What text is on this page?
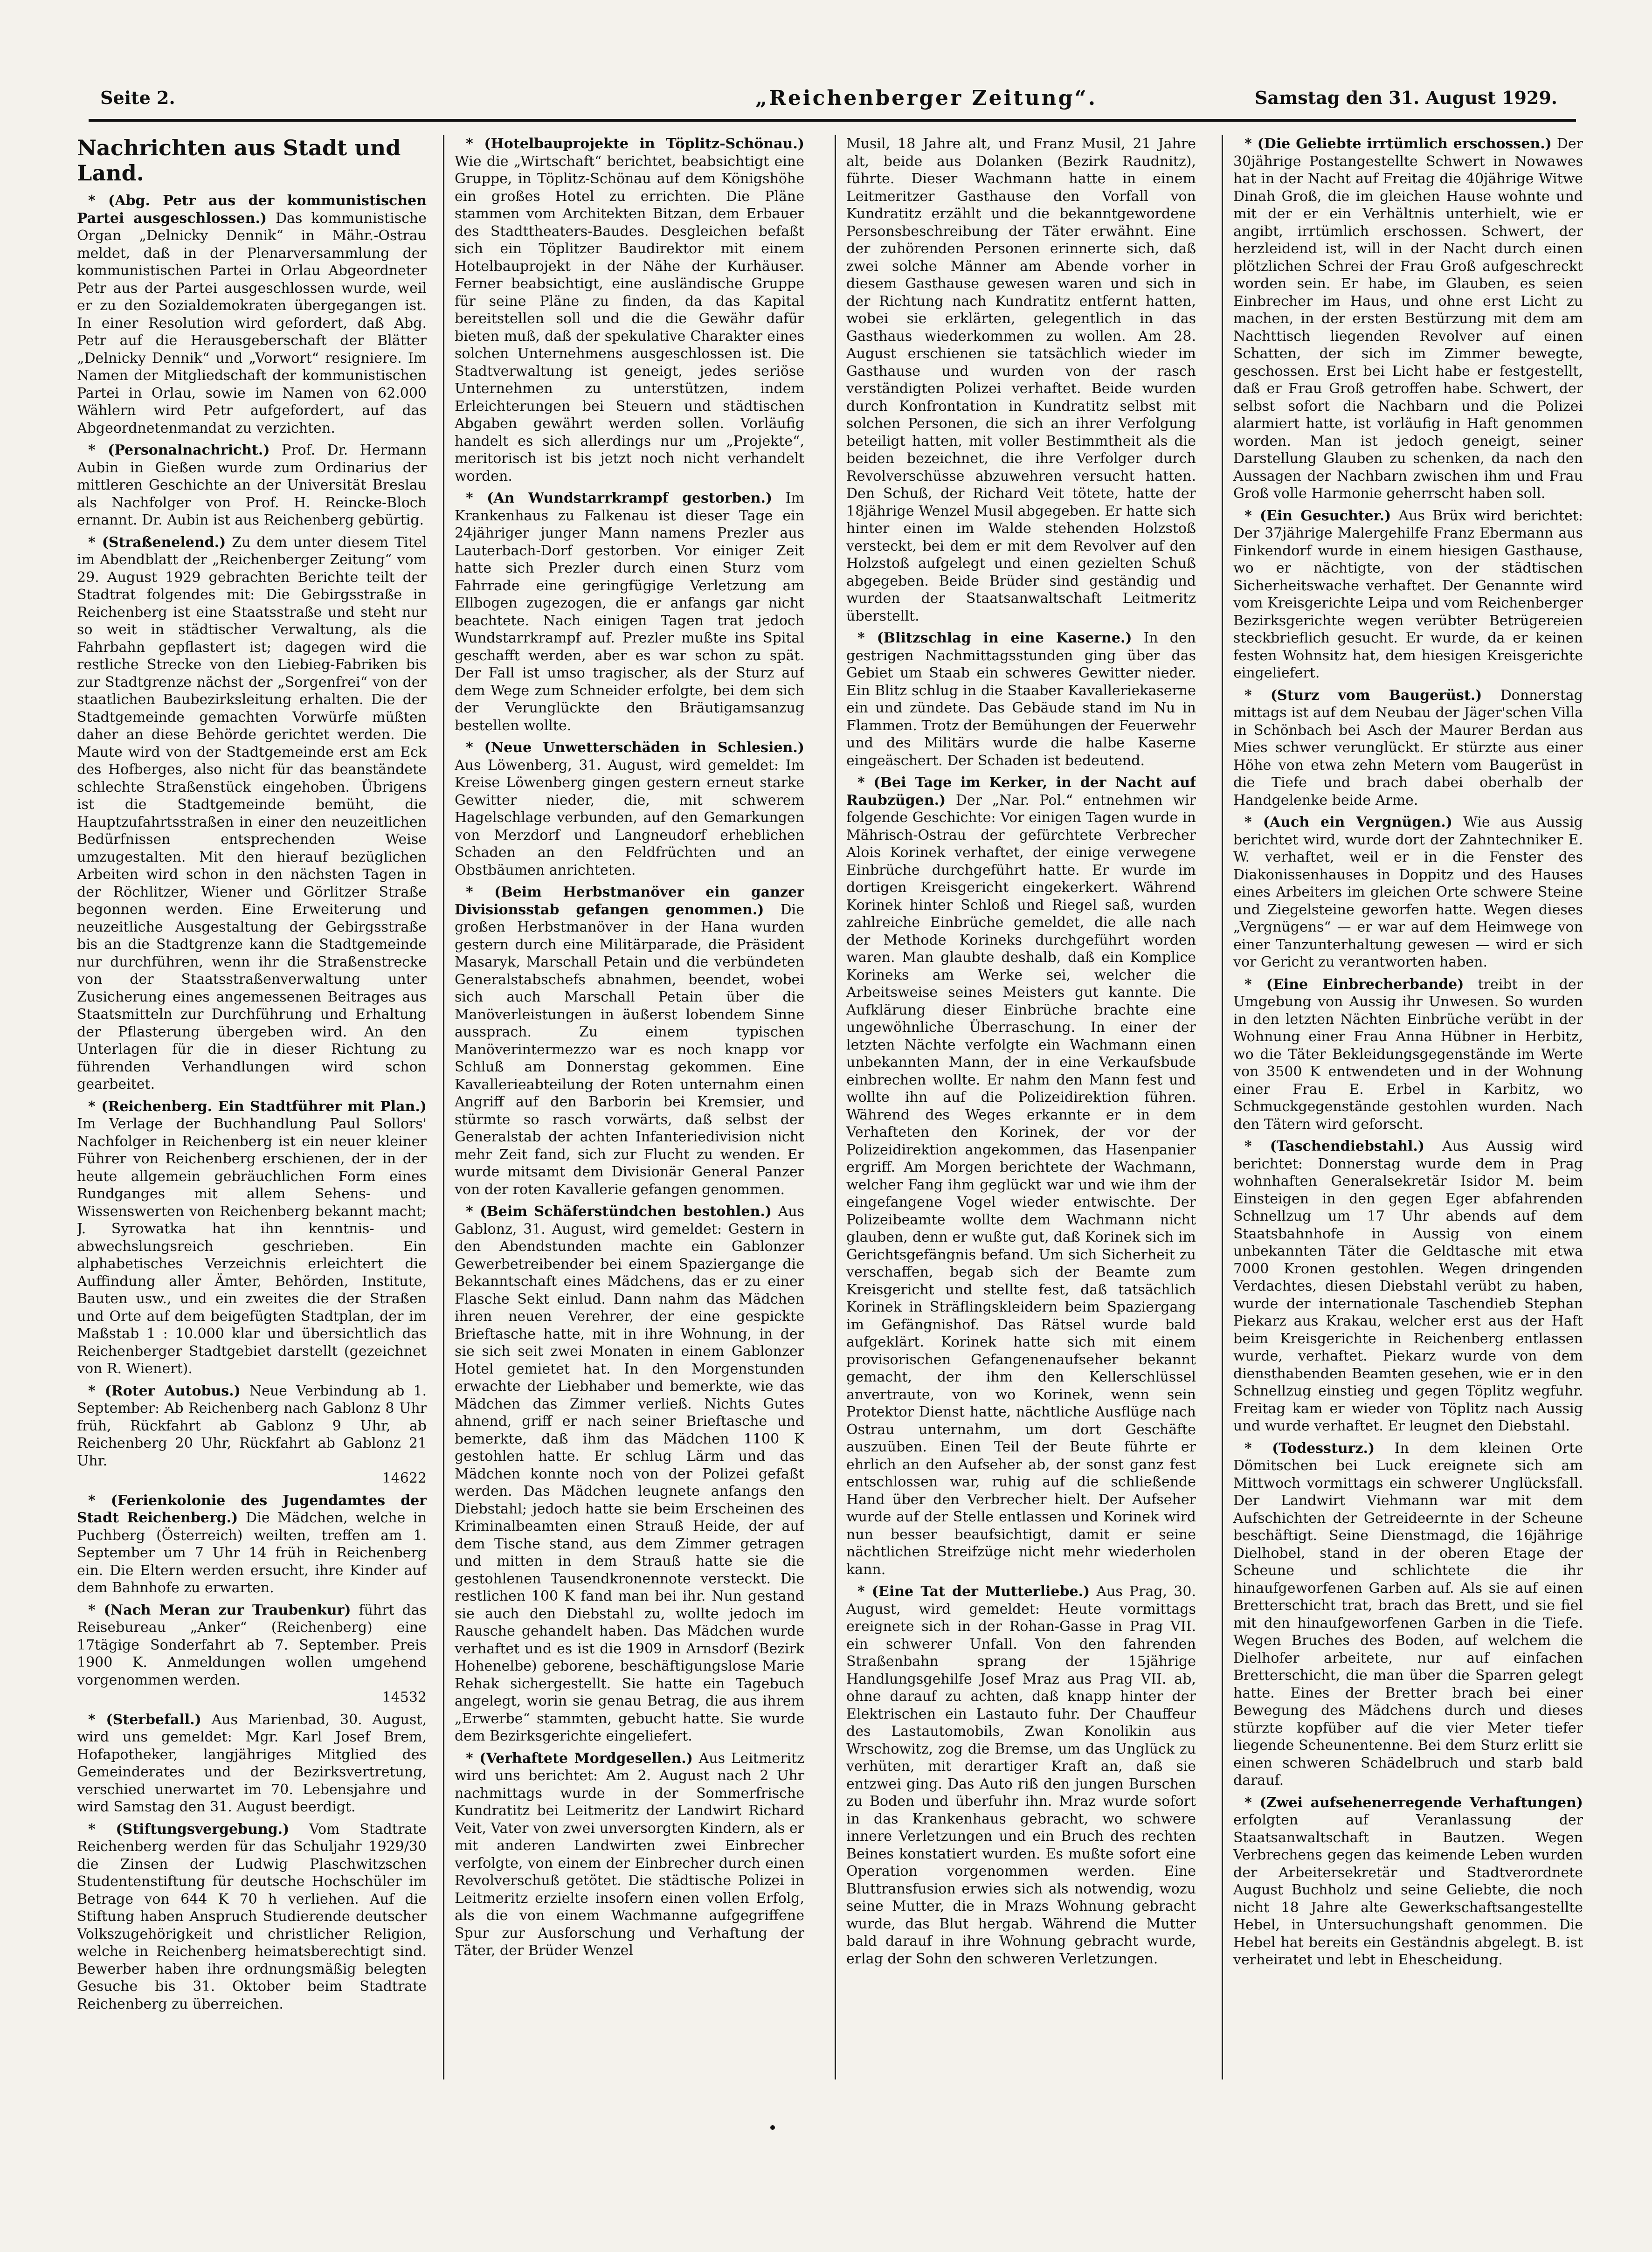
Seite 2.	„Reichenberger Zeitung“.	Samstag den 31. August 1929.
Nachrichten aus Stadt und Land.

* (Abg. Petr aus der kommunistischen Partei ausgeschlossen.) Das kommunistische Organ „Delnicky Dennik“ in Mähr.-Ostrau meldet, daß in der Plenarversammlung der kommunistischen Partei in Orlau Abgeordneter Petr aus der Partei ausgeschlossen wurde, weil er zu den Sozialdemokraten übergegangen ist. In einer Resolution wird gefordert, daß Abg. Petr auf die Herausgeberschaft der Blätter „Delnicky Dennik“ und „Vorwort“ resigniere. Im Namen der Mitgliedschaft der kommunistischen Partei in Orlau, sowie im Namen von 62.000 Wählern wird Petr aufgefordert, auf das Abgeordnetenmandat zu verzichten.

* (Personalnachricht.) Prof. Dr. Hermann Aubin in Gießen wurde zum Ordinarius der mittleren Geschichte an der Universität Breslau als Nachfolger von Prof. H. Reincke-Bloch ernannt. Dr. Aubin ist aus Reichenberg gebürtig.

* (Straßenelend.) Zu dem unter diesem Titel im Abendblatt der „Reichenberger Zeitung“ vom 29. August 1929 gebrachten Berichte teilt der Stadtrat folgendes mit: Die Gebirgsstraße in Reichenberg ist eine Staatsstraße und steht nur so weit in städtischer Verwaltung, als die Fahrbahn gepflastert ist; dagegen wird die restliche Strecke von den Liebieg-Fabriken bis zur Stadtgrenze nächst der „Sorgenfrei“ von der staatlichen Baubezirksleitung erhalten. Die der Stadtgemeinde gemachten Vorwürfe müßten daher an diese Behörde gerichtet werden. Die Maute wird von der Stadtgemeinde erst am Eck des Hofberges, also nicht für das beanständete schlechte Straßenstück eingehoben. Übrigens ist die Stadtgemeinde bemüht, die Hauptzufahrtsstraßen in einer den neuzeitlichen Bedürfnissen entsprechenden Weise umzugestalten. Mit den hierauf bezüglichen Arbeiten wird schon in den nächsten Tagen in der Röchlitzer, Wiener und Görlitzer Straße begonnen werden. Eine Erweiterung und neuzeitliche Ausgestaltung der Gebirgsstraße bis an die Stadtgrenze kann die Stadtgemeinde nur durchführen, wenn ihr die Straßenstrecke von der Staatsstraßenverwaltung unter Zusicherung eines angemessenen Beitrages aus Staatsmitteln zur Durchführung und Erhaltung der Pflasterung übergeben wird. An den Unterlagen für die in dieser Richtung zu führenden Verhandlungen wird schon gearbeitet.

* (Reichenberg. Ein Stadtführer mit Plan.) Im Verlage der Buchhandlung Paul Sollors' Nachfolger in Reichenberg ist ein neuer kleiner Führer von Reichenberg erschienen, der in der heute allgemein gebräuchlichen Form eines Rundganges mit allem Sehens- und Wissenswerten von Reichenberg bekannt macht; J. Syrowatka hat ihn kenntnis- und abwechslungsreich geschrieben. Ein alphabetisches Verzeichnis erleichtert die Auffindung aller Ämter, Behörden, Institute, Bauten usw., und ein zweites die der Straßen und Orte auf dem beigefügten Stadtplan, der im Maßstab 1 : 10.000 klar und übersichtlich das Reichenberger Stadtgebiet darstellt (gezeichnet von R. Wienert).

* (Roter Autobus.) Neue Verbindung ab 1. September: Ab Reichenberg nach Gablonz 8 Uhr früh, Rückfahrt ab Gablonz 9 Uhr, ab Reichenberg 20 Uhr, Rückfahrt ab Gablonz 21 Uhr.
14622

* (Ferienkolonie des Jugendamtes der Stadt Reichenberg.) Die Mädchen, welche in Puchberg (Österreich) weilten, treffen am 1. September um 7 Uhr 14 früh in Reichenberg ein. Die Eltern werden ersucht, ihre Kinder auf dem Bahnhofe zu erwarten.

* (Nach Meran zur Traubenkur) führt das Reisebureau „Anker“ (Reichenberg) eine 17tägige Sonderfahrt ab 7. September. Preis 1900 K. Anmeldungen wollen umgehend vorgenommen werden.
14532

* (Sterbefall.) Aus Marienbad, 30. August, wird uns gemeldet: Mgr. Karl Josef Brem, Hofapotheker, langjähriges Mitglied des Gemeinderates und der Bezirksvertretung, verschied unerwartet im 70. Lebensjahre und wird Samstag den 31. August beerdigt.

* (Stiftungsvergebung.) Vom Stadtrate Reichenberg werden für das Schuljahr 1929/30 die Zinsen der Ludwig Plaschwitzschen Studentenstiftung für deutsche Hochschüler im Betrage von 644 K 70 h verliehen. Auf die Stiftung haben Anspruch Studierende deutscher Volkszugehörigkeit und christlicher Religion, welche in Reichenberg heimatsberechtigt sind. Bewerber haben ihre ordnungsmäßig belegten Gesuche bis 31. Oktober beim Stadtrate Reichenberg zu überreichen.

* (Hotelbauprojekte in Töplitz-Schönau.) Wie die „Wirtschaft“ berichtet, beabsichtigt eine Gruppe, in Töplitz-Schönau auf dem Königshöhe ein großes Hotel zu errichten. Die Pläne stammen vom Architekten Bitzan, dem Erbauer des Stadttheaters-Baudes. Desgleichen befaßt sich ein Töplitzer Baudirektor mit einem Hotelbauprojekt in der Nähe der Kurhäuser. Ferner beabsichtigt, eine ausländische Gruppe für seine Pläne zu finden, da das Kapital bereitstellen soll und die die Gewähr dafür bieten muß, daß der spekulative Charakter eines solchen Unternehmens ausgeschlossen ist. Die Stadtverwaltung ist geneigt, jedes seriöse Unternehmen zu unterstützen, indem Erleichterungen bei Steuern und städtischen Abgaben gewährt werden sollen. Vorläufig handelt es sich allerdings nur um „Projekte“, meritorisch ist bis jetzt noch nicht verhandelt worden.

* (An Wundstarrkrampf gestorben.) Im Krankenhaus zu Falkenau ist dieser Tage ein 24jähriger junger Mann namens Prezler aus Lauterbach-Dorf gestorben. Vor einiger Zeit hatte sich Prezler durch einen Sturz vom Fahrrade eine geringfügige Verletzung am Ellbogen zugezogen, die er anfangs gar nicht beachtete. Nach einigen Tagen trat jedoch Wundstarrkrampf auf. Prezler mußte ins Spital geschafft werden, aber es war schon zu spät. Der Fall ist umso tragischer, als der Sturz auf dem Wege zum Schneider erfolgte, bei dem sich der Verunglückte den Bräutigamsanzug bestellen wollte.

* (Neue Unwetterschäden in Schlesien.) Aus Löwenberg, 31. August, wird gemeldet: Im Kreise Löwenberg gingen gestern erneut starke Gewitter nieder, die, mit schwerem Hagelschlage verbunden, auf den Gemarkungen von Merzdorf und Langneudorf erheblichen Schaden an den Feldfrüchten und an Obstbäumen anrichteten.

* (Beim Herbstmanöver ein ganzer Divisionsstab gefangen genommen.) Die großen Herbstmanöver in der Hana wurden gestern durch eine Militärparade, die Präsident Masaryk, Marschall Petain und die verbündeten Generalstabschefs abnahmen, beendet, wobei sich auch Marschall Petain über die Manöverleistungen in äußerst lobendem Sinne aussprach. Zu einem typischen Manöverintermezzo war es noch knapp vor Schluß am Donnerstag gekommen. Eine Kavallerieabteilung der Roten unternahm einen Angriff auf den Barborin bei Kremsier, und stürmte so rasch vorwärts, daß selbst der Generalstab der achten Infanteriedivision nicht mehr Zeit fand, sich zur Flucht zu wenden. Er wurde mitsamt dem Divisionär General Panzer von der roten Kavallerie gefangen genommen.

* (Beim Schäferstündchen bestohlen.) Aus Gablonz, 31. August, wird gemeldet: Gestern in den Abendstunden machte ein Gablonzer Gewerbetreibender bei einem Spaziergange die Bekanntschaft eines Mädchens, das er zu einer Flasche Sekt einlud. Dann nahm das Mädchen ihren neuen Verehrer, der eine gespickte Brieftasche hatte, mit in ihre Wohnung, in der sie sich seit zwei Monaten in einem Gablonzer Hotel gemietet hat. In den Morgenstunden erwachte der Liebhaber und bemerkte, wie das Mädchen das Zimmer verließ. Nichts Gutes ahnend, griff er nach seiner Brieftasche und bemerkte, daß ihm das Mädchen 1100 K gestohlen hatte. Er schlug Lärm und das Mädchen konnte noch von der Polizei gefaßt werden. Das Mädchen leugnete anfangs den Diebstahl; jedoch hatte sie beim Erscheinen des Kriminalbeamten einen Strauß Heide, der auf dem Tische stand, aus dem Zimmer getragen und mitten in dem Strauß hatte sie die gestohlenen Tausendkronennote versteckt. Die restlichen 100 K fand man bei ihr. Nun gestand sie auch den Diebstahl zu, wollte jedoch im Rausche gehandelt haben. Das Mädchen wurde verhaftet und es ist die 1909 in Arnsdorf (Bezirk Hohenelbe) geborene, beschäftigungslose Marie Rehak sichergestellt. Sie hatte ein Tagebuch angelegt, worin sie genau Betrag, die aus ihrem „Erwerbe“ stammten, gebucht hatte. Sie wurde dem Bezirksgerichte eingeliefert.

* (Verhaftete Mordgesellen.) Aus Leitmeritz wird uns berichtet: Am 2. August nach 2 Uhr nachmittags wurde in der Sommerfrische Kundratitz bei Leitmeritz der Landwirt Richard Veit, Vater von zwei unversorgten Kindern, als er mit anderen Landwirten zwei Einbrecher verfolgte, von einem der Einbrecher durch einen Revolverschuß getötet. Die städtische Polizei in Leitmeritz erzielte insofern einen vollen Erfolg, als die von einem Wachmanne aufgegriffene Spur zur Ausforschung und Verhaftung der Täter, der Brüder Wenzel

Musil, 18 Jahre alt, und Franz Musil, 21 Jahre alt, beide aus Dolanken (Bezirk Raudnitz), führte. Dieser Wachmann hatte in einem Leitmeritzer Gasthause den Vorfall von Kundratitz erzählt und die bekanntgewordene Personsbeschreibung der Täter erwähnt. Eine der zuhörenden Personen erinnerte sich, daß zwei solche Männer am Abende vorher in diesem Gasthause gewesen waren und sich in der Richtung nach Kundratitz entfernt hatten, wobei sie erklärten, gelegentlich in das Gasthaus wiederkommen zu wollen. Am 28. August erschienen sie tatsächlich wieder im Gasthause und wurden von der rasch verständigten Polizei verhaftet. Beide wurden durch Konfrontation in Kundratitz selbst mit solchen Personen, die sich an ihrer Verfolgung beteiligt hatten, mit voller Bestimmtheit als die beiden bezeichnet, die ihre Verfolger durch Revolverschüsse abzuwehren versucht hatten. Den Schuß, der Richard Veit tötete, hatte der 18jährige Wenzel Musil abgegeben. Er hatte sich hinter einen im Walde stehenden Holzstoß versteckt, bei dem er mit dem Revolver auf den Holzstoß aufgelegt und einen gezielten Schuß abgegeben. Beide Brüder sind geständig und wurden der Staatsanwaltschaft Leitmeritz überstellt.

* (Blitzschlag in eine Kaserne.) In den gestrigen Nachmittagsstunden ging über das Gebiet um Staab ein schweres Gewitter nieder. Ein Blitz schlug in die Staaber Kavalleriekaserne ein und zündete. Das Gebäude stand im Nu in Flammen. Trotz der Bemühungen der Feuerwehr und des Militärs wurde die halbe Kaserne eingeäschert. Der Schaden ist bedeutend.

* (Bei Tage im Kerker, in der Nacht auf Raubzügen.) Der „Nar. Pol.“ entnehmen wir folgende Geschichte: Vor einigen Tagen wurde in Mährisch-Ostrau der gefürchtete Verbrecher Alois Korinek verhaftet, der einige verwegene Einbrüche durchgeführt hatte. Er wurde im dortigen Kreisgericht eingekerkert. Während Korinek hinter Schloß und Riegel saß, wurden zahlreiche Einbrüche gemeldet, die alle nach der Methode Korineks durchgeführt worden waren. Man glaubte deshalb, daß ein Komplice Korineks am Werke sei, welcher die Arbeitsweise seines Meisters gut kannte. Die Aufklärung dieser Einbrüche brachte eine ungewöhnliche Überraschung. In einer der letzten Nächte verfolgte ein Wachmann einen unbekannten Mann, der in eine Verkaufsbude einbrechen wollte. Er nahm den Mann fest und wollte ihn auf die Polizeidirektion führen. Während des Weges erkannte er in dem Verhafteten den Korinek, der vor der Polizeidirektion angekommen, das Hasenpanier ergriff. Am Morgen berichtete der Wachmann, welcher Fang ihm geglückt war und wie ihm der eingefangene Vogel wieder entwischte. Der Polizeibeamte wollte dem Wachmann nicht glauben, denn er wußte gut, daß Korinek sich im Gerichtsgefängnis befand. Um sich Sicherheit zu verschaffen, begab sich der Beamte zum Kreisgericht und stellte fest, daß tatsächlich Korinek in Sträflingskleidern beim Spaziergang im Gefängnishof. Das Rätsel wurde bald aufgeklärt. Korinek hatte sich mit einem provisorischen Gefangenenaufseher bekannt gemacht, der ihm den Kellerschlüssel anvertraute, von wo Korinek, wenn sein Protektor Dienst hatte, nächtliche Ausflüge nach Ostrau unternahm, um dort Geschäfte auszuüben. Einen Teil der Beute führte er ehrlich an den Aufseher ab, der sonst ganz fest entschlossen war, ruhig auf die schließende Hand über den Verbrecher hielt. Der Aufseher wurde auf der Stelle entlassen und Korinek wird nun besser beaufsichtigt, damit er seine nächtlichen Streifzüge nicht mehr wiederholen kann.

* (Eine Tat der Mutterliebe.) Aus Prag, 30. August, wird gemeldet: Heute vormittags ereignete sich in der Rohan-Gasse in Prag VII. ein schwerer Unfall. Von den fahrenden Straßenbahn sprang der 15jährige Handlungsgehilfe Josef Mraz aus Prag VII. ab, ohne darauf zu achten, daß knapp hinter der Elektrischen ein Lastauto fuhr. Der Chauffeur des Lastautomobils, Zwan Konolikin aus Wrschowitz, zog die Bremse, um das Unglück zu verhüten, mit derartiger Kraft an, daß sie entzwei ging. Das Auto riß den jungen Burschen zu Boden und überfuhr ihn. Mraz wurde sofort in das Krankenhaus gebracht, wo schwere innere Verletzungen und ein Bruch des rechten Beines konstatiert wurden. Es mußte sofort eine Operation vorgenommen werden. Eine Bluttransfusion erwies sich als notwendig, wozu seine Mutter, die in Mrazs Wohnung gebracht wurde, das Blut hergab. Während die Mutter bald darauf in ihre Wohnung gebracht wurde, erlag der Sohn den schweren Verletzungen.

* (Die Geliebte irrtümlich erschossen.) Der 30jährige Postangestellte Schwert in Nowawes hat in der Nacht auf Freitag die 40jährige Witwe Dinah Groß, die im gleichen Hause wohnte und mit der er ein Verhältnis unterhielt, wie er angibt, irrtümlich erschossen. Schwert, der herzleidend ist, will in der Nacht durch einen plötzlichen Schrei der Frau Groß aufgeschreckt worden sein. Er habe, im Glauben, es seien Einbrecher im Haus, und ohne erst Licht zu machen, in der ersten Bestürzung mit dem am Nachttisch liegenden Revolver auf einen Schatten, der sich im Zimmer bewegte, geschossen. Erst bei Licht habe er festgestellt, daß er Frau Groß getroffen habe. Schwert, der selbst sofort die Nachbarn und die Polizei alarmiert hatte, ist vorläufig in Haft genommen worden. Man ist jedoch geneigt, seiner Darstellung Glauben zu schenken, da nach den Aussagen der Nachbarn zwischen ihm und Frau Groß volle Harmonie geherrscht haben soll.

* (Ein Gesuchter.) Aus Brüx wird berichtet: Der 37jährige Malergehilfe Franz Ebermann aus Finkendorf wurde in einem hiesigen Gasthause, wo er nächtigte, von der städtischen Sicherheitswache verhaftet. Der Genannte wird vom Kreisgerichte Leipa und vom Reichenberger Bezirksgerichte wegen verübter Betrügereien steckbrieflich gesucht. Er wurde, da er keinen festen Wohnsitz hat, dem hiesigen Kreisgerichte eingeliefert.

* (Sturz vom Baugerüst.) Donnerstag mittags ist auf dem Neubau der Jäger'schen Villa in Schönbach bei Asch der Maurer Berdan aus Mies schwer verunglückt. Er stürzte aus einer Höhe von etwa zehn Metern vom Baugerüst in die Tiefe und brach dabei oberhalb der Handgelenke beide Arme.

* (Auch ein Vergnügen.) Wie aus Aussig berichtet wird, wurde dort der Zahntechniker E. W. verhaftet, weil er in die Fenster des Diakonissenhauses in Doppitz und des Hauses eines Arbeiters im gleichen Orte schwere Steine und Ziegelsteine geworfen hatte. Wegen dieses „Vergnügens“ — er war auf dem Heimwege von einer Tanzunterhaltung gewesen — wird er sich vor Gericht zu verantworten haben.

* (Eine Einbrecherbande) treibt in der Umgebung von Aussig ihr Unwesen. So wurden in den letzten Nächten Einbrüche verübt in der Wohnung einer Frau Anna Hübner in Herbitz, wo die Täter Bekleidungsgegenstände im Werte von 3500 K entwendeten und in der Wohnung einer Frau E. Erbel in Karbitz, wo Schmuckgegenstände gestohlen wurden. Nach den Tätern wird geforscht.

* (Taschendiebstahl.) Aus Aussig wird berichtet: Donnerstag wurde dem in Prag wohnhaften Generalsekretär Isidor M. beim Einsteigen in den gegen Eger abfahrenden Schnellzug um 17 Uhr abends auf dem Staatsbahnhofe in Aussig von einem unbekannten Täter die Geldtasche mit etwa 7000 Kronen gestohlen. Wegen dringenden Verdachtes, diesen Diebstahl verübt zu haben, wurde der internationale Taschendieb Stephan Piekarz aus Krakau, welcher erst aus der Haft beim Kreisgerichte in Reichenberg entlassen wurde, verhaftet. Piekarz wurde von dem diensthabenden Beamten gesehen, wie er in den Schnellzug einstieg und gegen Töplitz wegfuhr. Freitag kam er wieder von Töplitz nach Aussig und wurde verhaftet. Er leugnet den Diebstahl.

* (Todessturz.) In dem kleinen Orte Dömitschen bei Luck ereignete sich am Mittwoch vormittags ein schwerer Unglücksfall. Der Landwirt Viehmann war mit dem Aufschichten der Getreideernte in der Scheune beschäftigt. Seine Dienstmagd, die 16jährige Dielhobel, stand in der oberen Etage der Scheune und schlichtete die ihr hinaufgeworfenen Garben auf. Als sie auf einen Bretterschicht trat, brach das Brett, und sie fiel mit den hinaufgeworfenen Garben in die Tiefe. Wegen Bruches des Boden, auf welchem die Dielhofer arbeitete, nur auf einfachen Bretterschicht, die man über die Sparren gelegt hatte. Eines der Bretter brach bei einer Bewegung des Mädchens durch und dieses stürzte kopfüber auf die vier Meter tiefer liegende Scheunentenne. Bei dem Sturz erlitt sie einen schweren Schädelbruch und starb bald darauf.

* (Zwei aufsehenerregende Verhaftungen) erfolgten auf Veranlassung der Staatsanwaltschaft in Bautzen. Wegen Verbrechens gegen das keimende Leben wurden der Arbeitersekretär und Stadtverordnete August Buchholz und seine Geliebte, die noch nicht 18 Jahre alte Gewerkschaftsangestellte Hebel, in Untersuchungshaft genommen. Die Hebel hat bereits ein Geständnis abgelegt. B. ist verheiratet und lebt in Ehescheidung.
